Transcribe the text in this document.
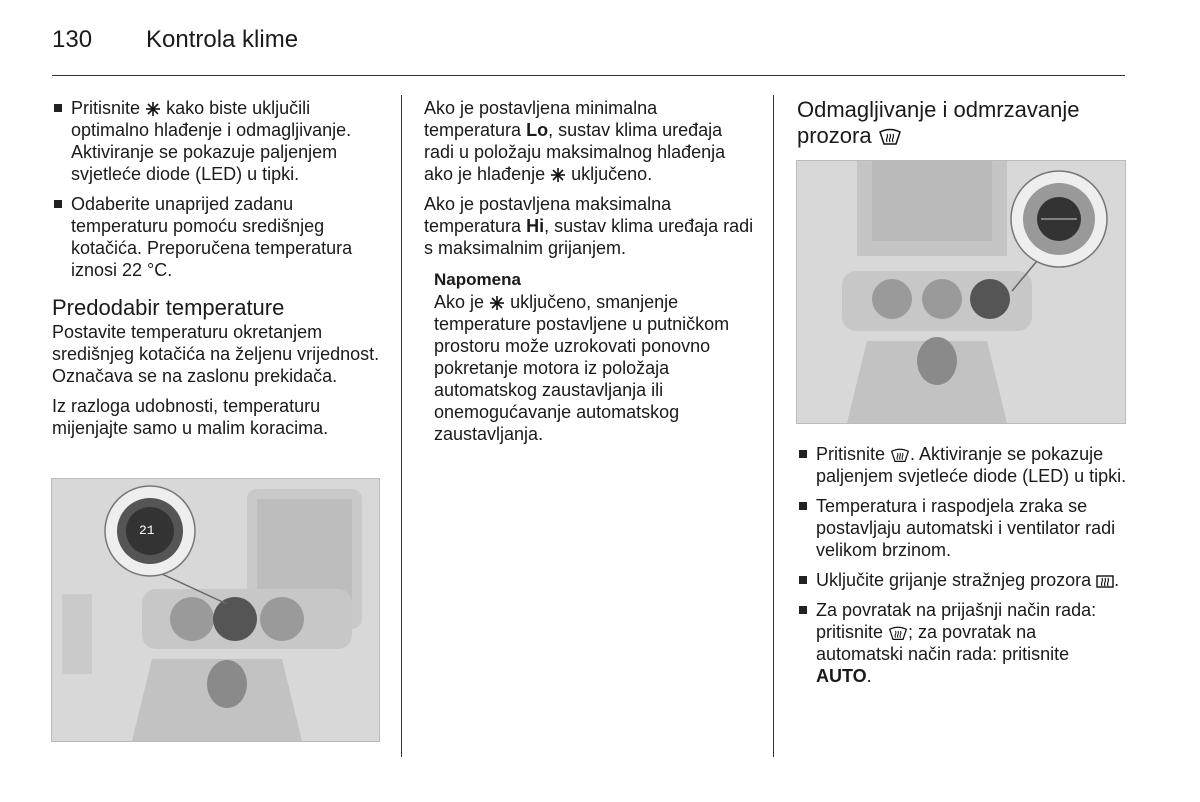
130 Kontrola klime
Pritisnite kako biste uključili optimalno hlađenje i odmagljivanje. Aktiviranje se pokazuje paljenjem svjetleće diode (LED) u tipki.
Odaberite unaprijed zadanu temperaturu pomoću središnjeg kotačića. Preporučena temperatura iznosi 22 °C.
Predodabir temperature

Postavite temperaturu okretanjem središnjeg kotačića na željenu vrijednost. Označava se na zaslonu prekidača.

Iz razloga udobnosti, temperaturu mijenjajte samo u malim koracima.

21

Ako je postavljena minimalna temperatura Lo, sustav klima uređaja radi u položaju maksimalnog hlađenja ako je hlađenje uključeno.

Ako je postavljena maksimalna temperatura Hi, sustav klima uređaja radi s maksimalnim grijanjem.

Napomena
Ako je uključeno, smanjenje temperature postavljene u putničkom prostoru može uzrokovati ponovno pokretanje motora iz položaja automatskog zaustavljanja ili onemogućavanje automatskog zaustavljanja.
Odmagljivanje i odmrzavanje prozora
Pritisnite . Aktiviranje se pokazuje paljenjem svjetleće diode (LED) u tipki.
Temperatura i raspodjela zraka se postavljaju automatski i ventilator radi velikom brzinom.
Uključite grijanje stražnjeg prozora .
Za povratak na prijašnji način rada: pritisnite ; za povratak na automatski način rada: pritisnite AUTO.
